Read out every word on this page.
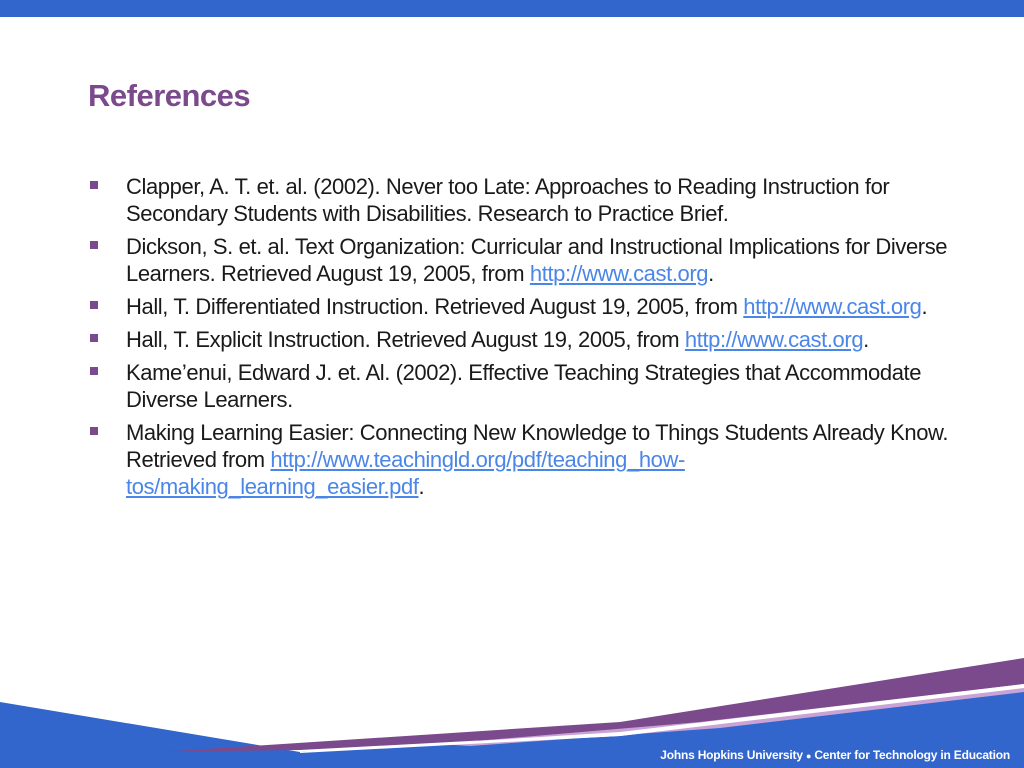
References
Clapper, A. T. et. al. (2002). Never too Late: Approaches to Reading Instruction for Secondary Students with Disabilities. Research to Practice Brief.
Dickson, S. et. al. Text Organization: Curricular and Instructional Implications for Diverse Learners. Retrieved August 19, 2005, from http://www.cast.org.
Hall, T. Differentiated Instruction. Retrieved August 19, 2005, from http://www.cast.org.
Hall, T. Explicit Instruction. Retrieved August 19, 2005, from http://www.cast.org.
Kame’enui, Edward J. et. Al. (2002). Effective Teaching Strategies that Accommodate Diverse Learners.
Making Learning Easier: Connecting New Knowledge to Things Students Already Know. Retrieved from http://www.teachingld.org/pdf/teaching_how-tos/making_learning_easier.pdf.
Johns Hopkins University ● Center for Technology in Education
